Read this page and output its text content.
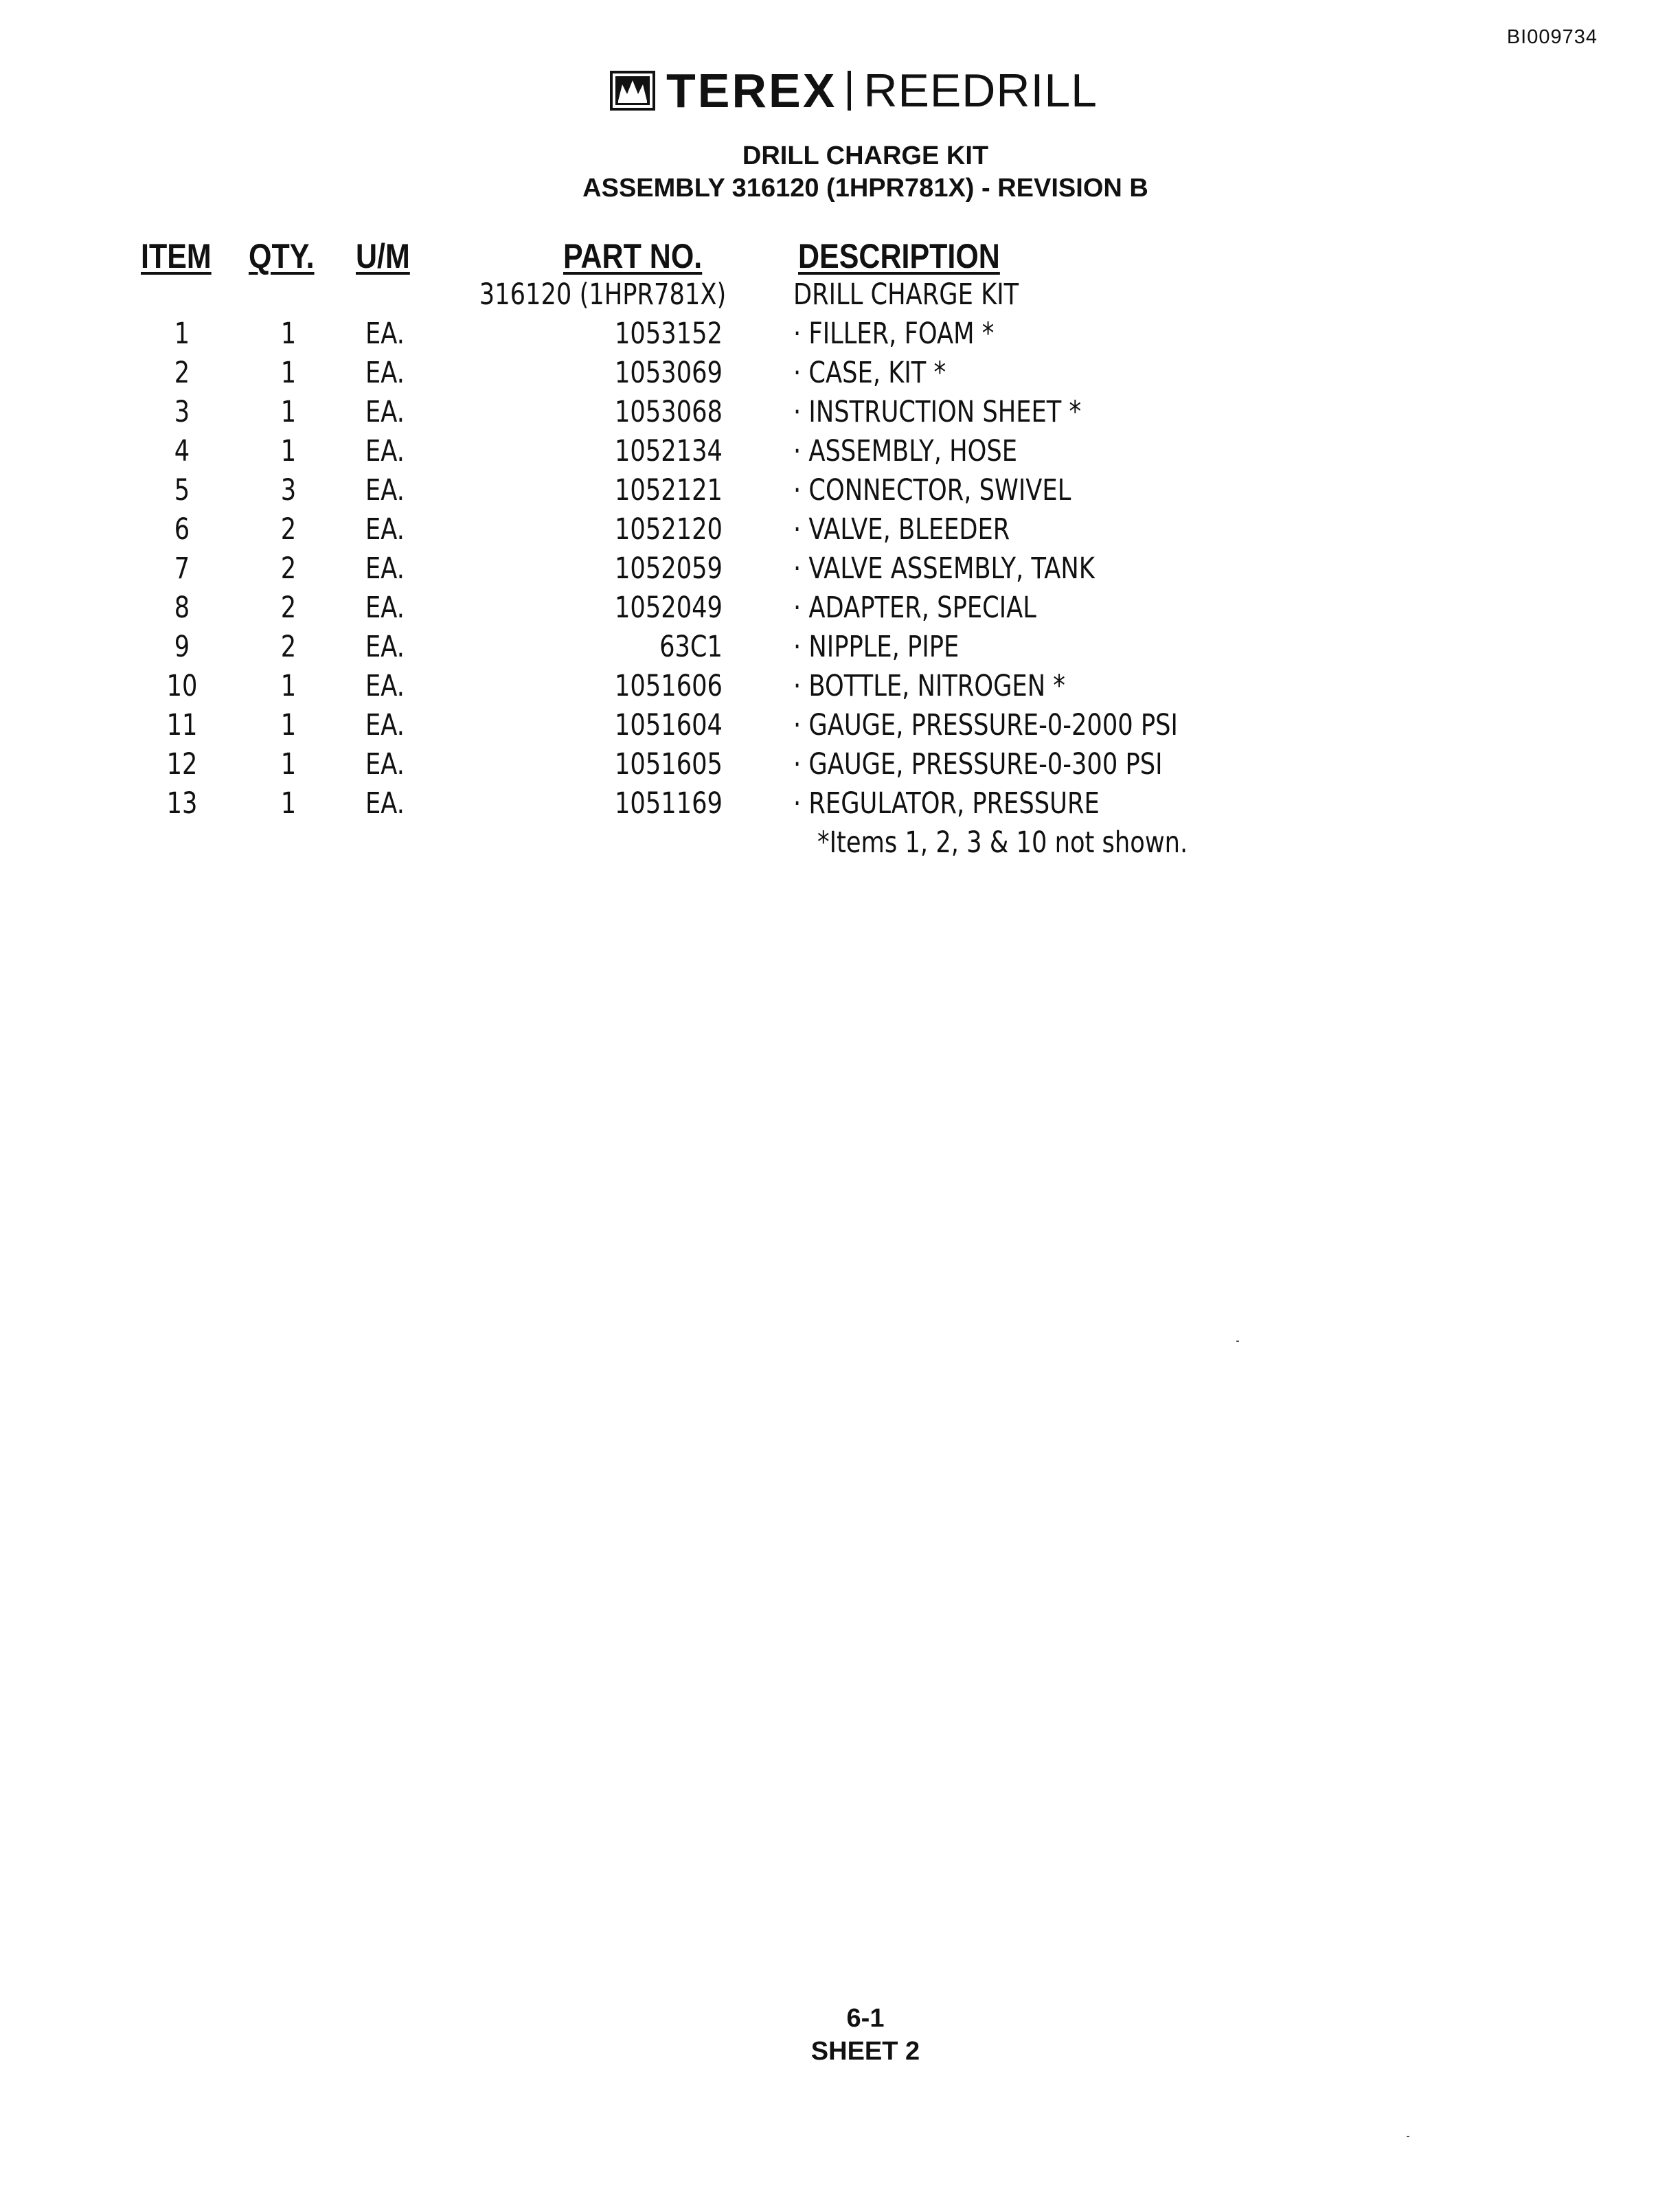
BI009734
TEREX REEDRILL
DRILL CHARGE KIT
ASSEMBLY 316120 (1HPR781X) - REVISION B
ITEM QTY. U/M	PART NO.	DESCRIPTION
316120 (1HPR781X) DRILL CHARGE KIT
1	1	EA.	1053152 · FILLER, FOAM *
2	1	EA.	1053069 · CASE, KIT *
3	1	EA.	1053068 · INSTRUCTION SHEET *
4	1	EA.	1052134 · ASSEMBLY, HOSE
5	3	EA.	1052121 · CONNECTOR, SWIVEL
6	2	EA.	1052120 · VALVE, BLEEDER
7	2	EA.	1052059 · VALVE ASSEMBLY, TANK
8	2	EA.	1052049 · ADAPTER, SPECIAL
9	2	EA.	63C1 · NIPPLE, PIPE
10	1	EA.	1051606 · BOTTLE, NITROGEN *
11	1	EA.	1051604 · GAUGE, PRESSURE-0-2000 PSI
12	1	EA.	1051605 · GAUGE, PRESSURE-0-300 PSI
13	1	EA.	1051169 · REGULATOR, PRESSURE
*Items 1, 2, 3 & 10 not shown.
6-1
SHEET 2
